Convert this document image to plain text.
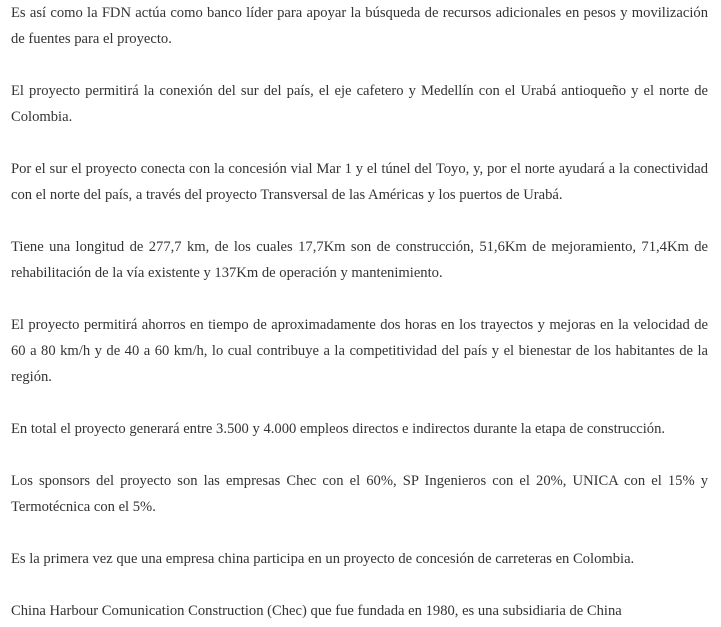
Es así como la FDN actúa como banco líder para apoyar la búsqueda de recursos adicionales en pesos y movilización de fuentes para el proyecto.

El proyecto permitirá la conexión del sur del país, el eje cafetero y Medellín con el Urabá antioqueño y el norte de Colombia.

Por el sur el proyecto conecta con la concesión vial Mar 1 y el túnel del Toyo, y, por el norte ayudará a la conectividad con el norte del país, a través del proyecto Transversal de las Américas y los puertos de Urabá.

Tiene una longitud de 277,7 km, de los cuales 17,7Km son de construcción, 51,6Km de mejoramiento, 71,4Km de rehabilitación de la vía existente y 137Km de operación y mantenimiento.

El proyecto permitirá ahorros en tiempo de aproximadamente dos horas en los trayectos y mejoras en la velocidad de 60 a 80 km/h y de 40 a 60 km/h, lo cual contribuye a la competitividad del país y el bienestar de los habitantes de la región.

En total el proyecto generará entre 3.500 y 4.000 empleos directos e indirectos durante la etapa de construcción.

Los sponsors del proyecto son las empresas Chec con el 60%, SP Ingenieros con el 20%, UNICA con el 15% y Termotécnica con el 5%.

Es la primera vez que una empresa china participa en un proyecto de concesión de carreteras en Colombia.

China Harbour Comunication Construction (Chec) que fue fundada en 1980, es una subsidiaria de China
